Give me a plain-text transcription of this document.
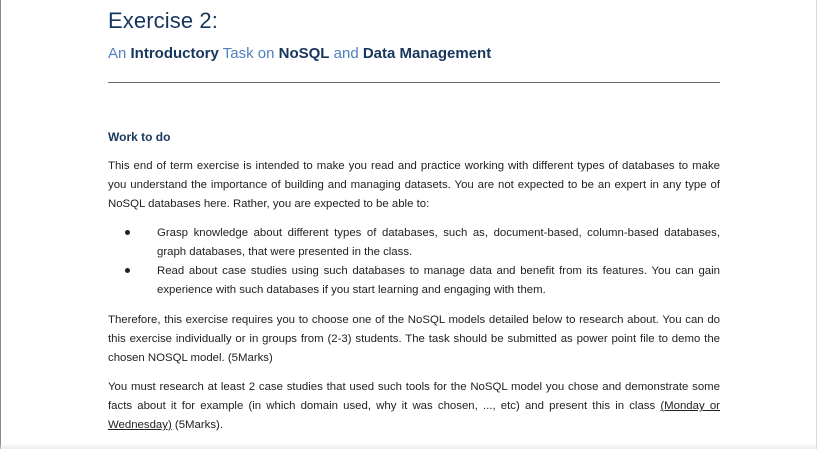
Exercise 2:
An Introductory Task on NoSQL and Data Management
Work to do

This end of term exercise is intended to make you read and practice working with different types of databases to make you understand the importance of building and managing datasets. You are not expected to be an expert in any type of NoSQL databases here. Rather, you are expected to be able to:

Grasp knowledge about different types of databases, such as, document-based, column-based databases, graph databases, that were presented in the class.
Read about case studies using such databases to manage data and benefit from its features. You can gain experience with such databases if you start learning and engaging with them.

Therefore, this exercise requires you to choose one of the NoSQL models detailed below to research about. You can do this exercise individually or in groups from (2-3) students. The task should be submitted as power point file to demo the chosen NOSQL model. (5Marks)

You must research at least 2 case studies that used such tools for the NoSQL model you chose and demonstrate some facts about it for example (in which domain used, why it was chosen, ..., etc) and present this in class (Monday or Wednesday) (5Marks).
